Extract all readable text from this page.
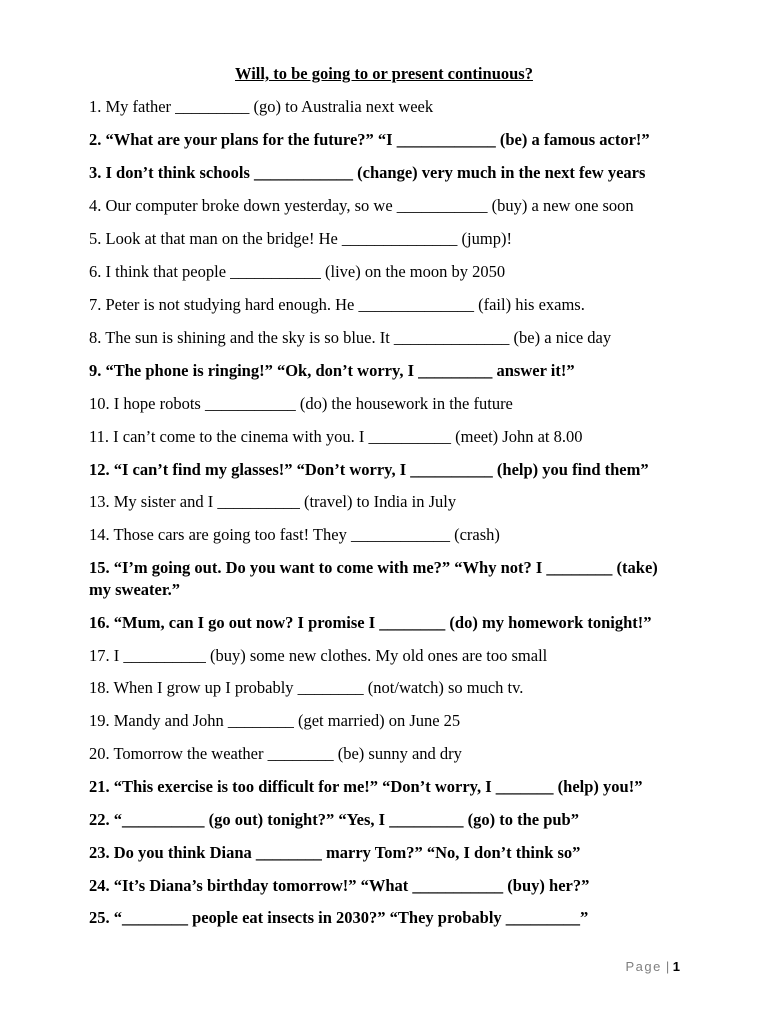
Will, to be going to or present continuous?
1. My father _________ (go) to Australia next week
2. “What are your plans for the future?” “I ____________ (be) a famous actor!”
3. I don’t think schools ____________ (change) very much in the next few years
4. Our computer broke down yesterday, so we ___________ (buy) a new one soon
5. Look at that man on the bridge! He ______________ (jump)!
6. I think that people ___________ (live) on the moon by 2050
7. Peter is not studying hard enough. He ______________ (fail) his exams.
8. The sun is shining and the sky is so blue. It ______________ (be) a nice day
9. “The phone is ringing!” “Ok, don’t worry, I _________ answer it!”
10. I hope robots ___________ (do) the housework in the future
11. I can’t come to the cinema with you. I __________ (meet) John at 8.00
12. “I can’t find my glasses!” “Don’t worry, I __________ (help) you find them”
13. My sister and I __________ (travel) to India in July
14. Those cars are going too fast! They ____________ (crash)
15. “I’m going out. Do you want to come with me?” “Why not? I ________ (take) my sweater.”
16. “Mum, can I go out now? I promise I ________ (do) my homework tonight!”
17. I __________ (buy) some new clothes. My old ones are too small
18. When I grow up I probably ________ (not/watch) so much tv.
19. Mandy and John ________ (get married) on June 25
20. Tomorrow the weather ________ (be) sunny and dry
21. “This exercise is too difficult for me!” “Don’t worry, I _______ (help) you!”
22. “__________ (go out) tonight?” “Yes, I _________ (go) to the pub”
23. Do you think Diana ________ marry Tom?” “No, I don’t think so”
24. “It’s Diana’s birthday tomorrow!” “What ___________ (buy) her?”
25. “________ people eat insects in 2030?” “They probably _________”
Page | 1
